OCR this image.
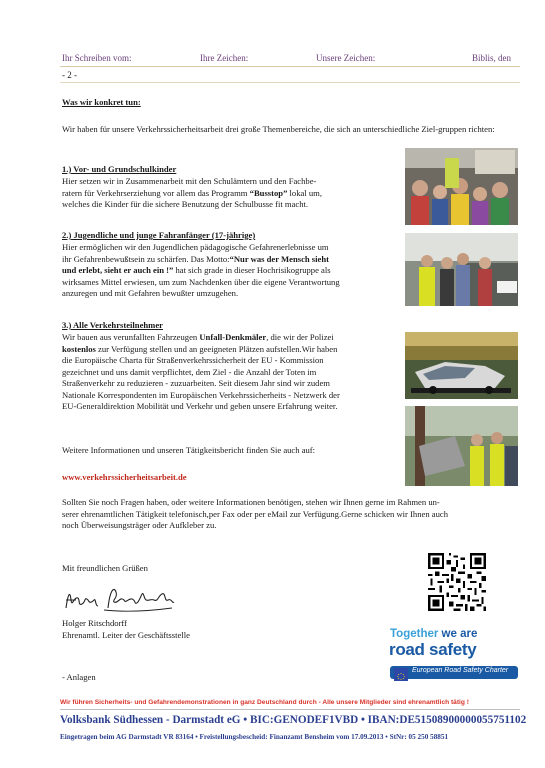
Ihr Schreiben vom:	Ihre Zeichen:	Unsere Zeichen:	Biblis, den
- 2 -
Was wir konkret tun:
Wir haben für unsere Verkehrssicherheitsarbeit drei große Themenbereiche, die sich an unterschiedliche Ziel-gruppen richten:
1.) Vor- und Grundschulkinder
Hier setzen wir in Zusammenarbeit mit den Schulämtern und den Fachbe-
ratern für Verkehrserziehung vor allem das Programm “Busstop” lokal um,
welches die Kinder für die sichere Benutzung der Schulbusse fit macht.
2.) Jugendliche und junge Fahranfänger (17-jährige)
Hier ermöglichen wir den Jugendlichen pädagogische Gefahrenerlebnisse um
ihr Gefahrenbewußtsein zu schärfen. Das Motto:“Nur was der Mensch sieht
und erlebt, sieht er auch ein !” hat sich grade in dieser Hochrisikogruppe als
wirksames Mittel erwiesen, um zum Nachdenken über die eigene Verantwortung
anzuregen und mit Gefahren bewußter umzugehen.
3.) Alle Verkehrsteilnehmer
Wir bauen aus verunfallten Fahrzeugen Unfall-Denkmäler, die wir der Polizei
kostenlos zur Verfügung stellen und an geeigneten Plätzen aufstellen.Wir haben
die Europäische Charta für Straßenverkehrssicherheit der EU - Kommission
gezeichnet und uns damit verpflichtet, dem Ziel - die Anzahl der Toten im
Straßenverkehr zu reduzieren - zuzuarbeiten. Seit diesem Jahr sind wir zudem
Nationale Korrespondenten im Europäischen Verkehrssicherheits - Netzwerk der
EU-Generaldirektion Mobilität und Verkehr und geben unsere Erfahrung weiter.
Weitere Informationen und unseren Tätigkeitsbericht finden Sie auch auf:
www.verkehrssicherheitsarbeit.de
Sollten Sie noch Fragen haben, oder weitere Informationen benötigen, stehen wir Ihnen gerne im Rahmen un-
serer ehrenamtlichen Tätigkeit telefonisch,per Fax oder per eMail zur Verfügung.Gerne schicken wir Ihnen auch
noch Überweisungsträger oder Aufkleber zu.
Mit freundlichen Grüßen
Holger Ritschdorff
Ehrenamtl. Leiter der Geschäftsstelle
- Anlagen
Together we are
road safety
European Road Safety Charter
Wir führen Sicherheits- und Gefahrendemonstrationen in ganz Deutschland durch - Alle unsere Mitglieder sind ehrenamtlich tätig !
Volksbank Südhessen - Darmstadt eG • BIC:GENODEF1VBD • IBAN:DE51508900000055751102
Eingetragen beim AG Darmstadt VR 83164 • Freistellungsbescheid: Finanzamt Bensheim vom 17.09.2013 • StNr: 05 250 58851
